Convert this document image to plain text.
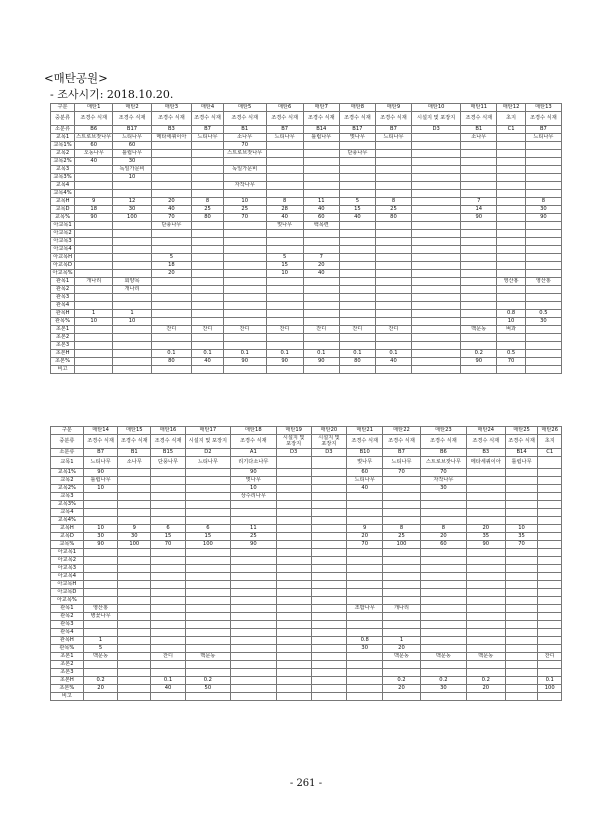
<매탄공원>
- 조사시기: 2018.10.20.
구분	매탄1	매탄2	매탄3	매탄4	매탄5	매탄6	매탄7	매탄8	매탄9	매탄10	매탄11	매탄12	매탄13
중분류	조경수 식재	조경수 식재	조경수 식재	조경수 식재	조경수 식재	조경수 식재	조경수 식재	조경수 식재	조경수 식재	시설지 및 포장지	조경수 식재	초지	조경수 식재
소분류	B6	B17	B3	B7	B1	B7	B14	B17	B7	D3	B1	C1	B7
교목1	스트로브잣나무	느티나무	메타세쿼이아	느티나무	소나무	느티나무	틀립나무	벚나무	느티나무		소나무		느티나무
교목1%	60	60			70								
교목2	오동나무	틀립나무			스트로브잣나무			단풍나무					
교목2%	40	30											
교목3		독일가문비			독일가문비								
교목3%		10											
교목4					자작나무								
교목4%													
교목H	9	12	20	8	10	8	11	5	8		7		8
교목D	18	30	40	25	25	28	40	15	25		14		30
교목%	90	100	70	80	70	40	60	40	80		90		90
아교목1			단풍나무			벚나무	백목련						
아교목2													
아교목3													
아교목4													
아교목H			5			5	7						
아교목D			18			15	20						
아교목%			20			10	40						
관목1	개나리	회양목										영산홍	영산홍
관목2		개나리											
관목3													
관목4													
관목H	1	1										0.8	0.5
관목%	10	10										10	30
초본1			잔디	잔디	잔디	잔디	잔디	잔디	잔디		맥문동	벼과	
초본2													
초본3													
초본H			0.1	0.1	0.1	0.1	0.1	0.1	0.1		0.2	0.5	
초본%			80	40	90	90	90	80	40		90	70	
비고													
구분	매탄14	매탄15	매탄16	매탄17	매탄18	매탄19	매탄20	매탄21	매탄22	매탄23	매탄24	매탄25	매탄26
중분류	조경수 식재	조경수 식재	조경수 식재	시설지 및 포장지	조경수 식재	시설지 및 포장지	시설지 및 포장지	조경수 식재	조경수 식재	조경수 식재	조경수 식재	조경수 식재	초지
소분류	B7	B1	B15	D2	A1	D3	D3	B10	B7	B6	B3	B14	C1
교목1	느티나무	소나무	단풍나무	느티나무	리기다소나무			벚나무	느티나무	스트로브잣나무	메타세쿼이아	틀립나무	
교목1%	90				90			60	70	70			
교목2	틀립나무				벚나무			느티나무		자작나무			
교목2%	10				10			40		30			
교목3					상수리나무								
교목3%													
교목4													
교목4%													
교목H	10	9	6	6	11			9	8	8	20	10	
교목D	30	30	15	15	25			20	25	20	35	35	
교목%	90	100	70	100	90			70	100	60	90	70	
아교목1													
아교목2													
아교목3													
아교목4													
아교목H													
아교목D													
아교목%													
관목1	영산홍							조팝나무	개나리				
관목2	병꽃나무												
관목3													
관목4													
관목H	1							0.8	1				
관목%	5							30	20				
초본1	맥문동		잔디	맥문동					맥문동	맥문동	맥문동		잔디
초본2													
초본3													
초본H	0.2		0.1	0.2					0.2	0.2	0.2		0.1
초본%	20		40	50					20	30	20		100
비고													
- 261 -
